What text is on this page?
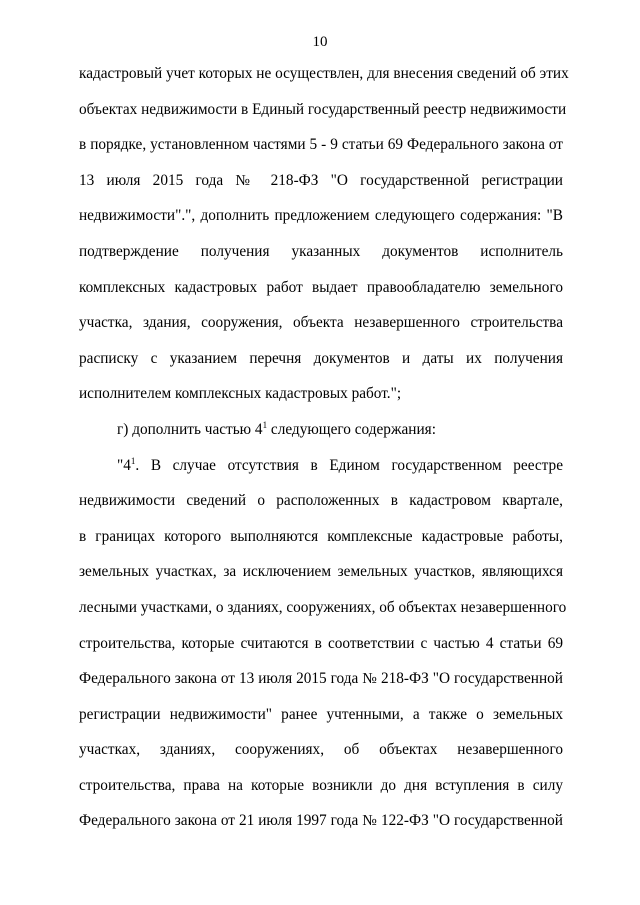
10
кадастровый учет которых не осуществлен, для внесения сведений об этих
объектах недвижимости в Единый государственный реестр недвижимости
в порядке, установленном частями 5 - 9 статьи 69 Федерального закона от
13 июля 2015 года № 218-ФЗ "О государственной регистрации
недвижимости".", дополнить предложением следующего содержания: "В
подтверждение получения указанных документов исполнитель
комплексных кадастровых работ выдает правообладателю земельного
участка, здания, сооружения, объекта незавершенного строительства
расписку с указанием перечня документов и даты их получения
исполнителем комплексных кадастровых работ.";
г) дополнить частью $4^1$ следующего содержания:
"$4^1$. В случае отсутствия в Едином государственном реестре
недвижимости сведений о расположенных в кадастровом квартале,
в границах которого выполняются комплексные кадастровые работы,
земельных участках, за исключением земельных участков, являющихся
лесными участками, о зданиях, сооружениях, об объектах незавершенного
строительства, которые считаются в соответствии с частью 4 статьи 69
Федерального закона от 13 июля 2015 года № 218-ФЗ "О государственной
регистрации недвижимости" ранее учтенными, а также о земельных
участках, зданиях, сооружениях, об объектах незавершенного
строительства, права на которые возникли до дня вступления в силу
Федерального закона от 21 июля 1997 года № 122-ФЗ "О государственной
